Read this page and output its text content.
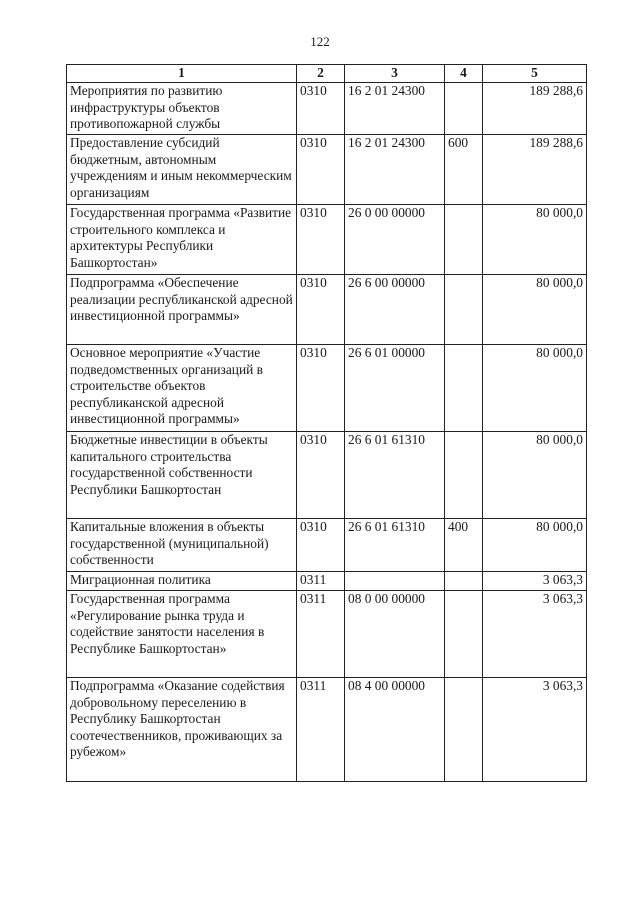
122
1	2	3	4	5
Мероприятия по развитию инфраструктуры объектов противопожарной службы	0310	16 2 01 24300		189 288,6
Предоставление субсидий бюджетным, автономным учреждениям и иным некоммерческим организациям	0310	16 2 01 24300	600	189 288,6
Государственная программа «Развитие строительного комплекса и архитектуры Республики Башкортостан»	0310	26 0 00 00000		80 000,0
Подпрограмма «Обеспечение реализации республиканской адресной инвестиционной программы»	0310	26 6 00 00000		80 000,0
Основное мероприятие «Участие подведомственных организаций в строительстве объектов республиканской адресной инвестиционной программы»	0310	26 6 01 00000		80 000,0
Бюджетные инвестиции в объекты капитального строительства государственной собственности Республики Башкортостан	0310	26 6 01 61310		80 000,0
Капитальные вложения в объекты государственной (муниципальной) собственности	0310	26 6 01 61310	400	80 000,0
Миграционная политика	0311			3 063,3
Государственная программа «Регулирование рынка труда и содействие занятости населения в Республике Башкортостан»	0311	08 0 00 00000		3 063,3
Подпрограмма «Оказание содействия добровольному переселению в Республику Башкортостан соотечественников, проживающих за рубежом»	0311	08 4 00 00000		3 063,3
